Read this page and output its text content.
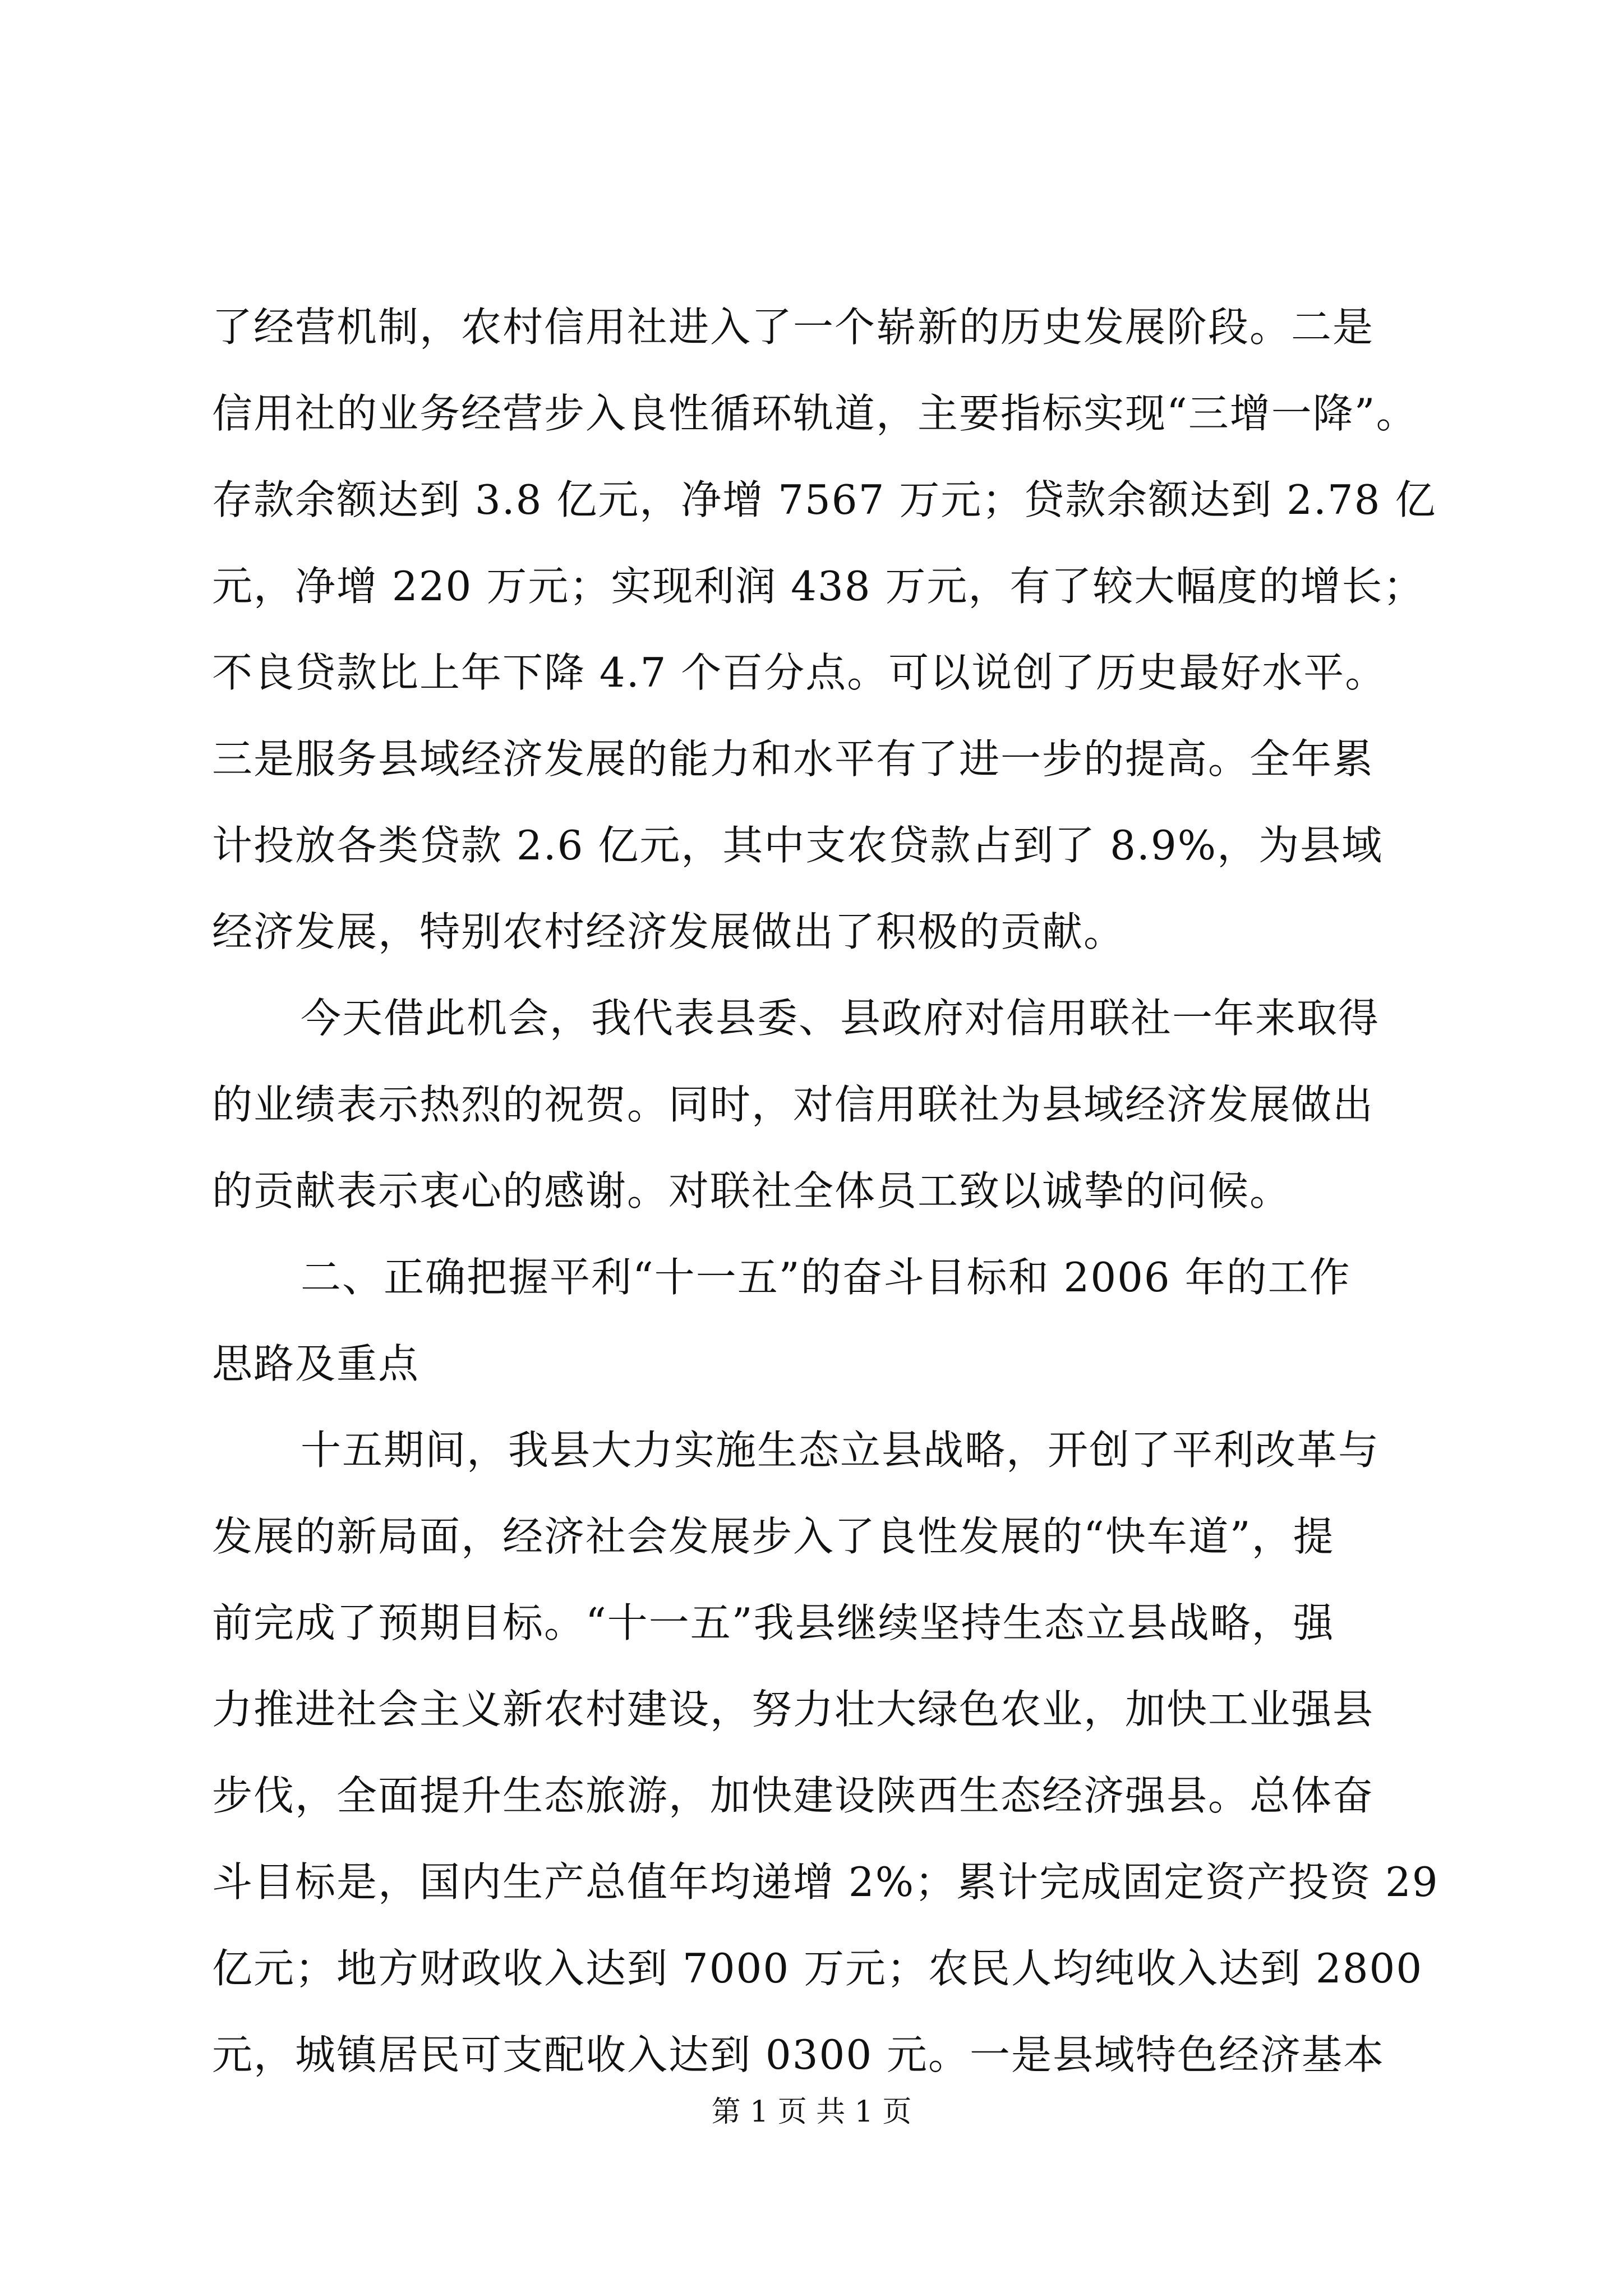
了经营机制，农村信用社进入了一个崭新的历史发展阶段。二是
信用社的业务经营步入良性循环轨道，主要指标实现“三增一降”。
存款余额达到 3.8 亿元，净增 7567 万元；贷款余额达到 2.78 亿
元，净增 220 万元；实现利润 438 万元，有了较大幅度的增长；
不良贷款比上年下降 4.7 个百分点。可以说创了历史最好水平。
三是服务县域经济发展的能力和水平有了进一步的提高。全年累
计投放各类贷款 2.6 亿元，其中支农贷款占到了 8.9%，为县域
经济发展，特别农村经济发展做出了积极的贡献。
今天借此机会，我代表县委、县政府对信用联社一年来取得
的业绩表示热烈的祝贺。同时，对信用联社为县域经济发展做出
的贡献表示衷心的感谢。对联社全体员工致以诚挚的问候。
二、正确把握平利“十一五”的奋斗目标和 2006 年的工作
思路及重点
十五期间，我县大力实施生态立县战略，开创了平利改革与
发展的新局面，经济社会发展步入了良性发展的“快车道”，提
前完成了预期目标。“十一五”我县继续坚持生态立县战略，强
力推进社会主义新农村建设，努力壮大绿色农业，加快工业强县
步伐，全面提升生态旅游，加快建设陕西生态经济强县。总体奋
斗目标是，国内生产总值年均递增 2%；累计完成固定资产投资 29
亿元；地方财政收入达到 7000 万元；农民人均纯收入达到 2800
元，城镇居民可支配收入达到 0300 元。一是县域特色经济基本
第 1 页 共 1 页
